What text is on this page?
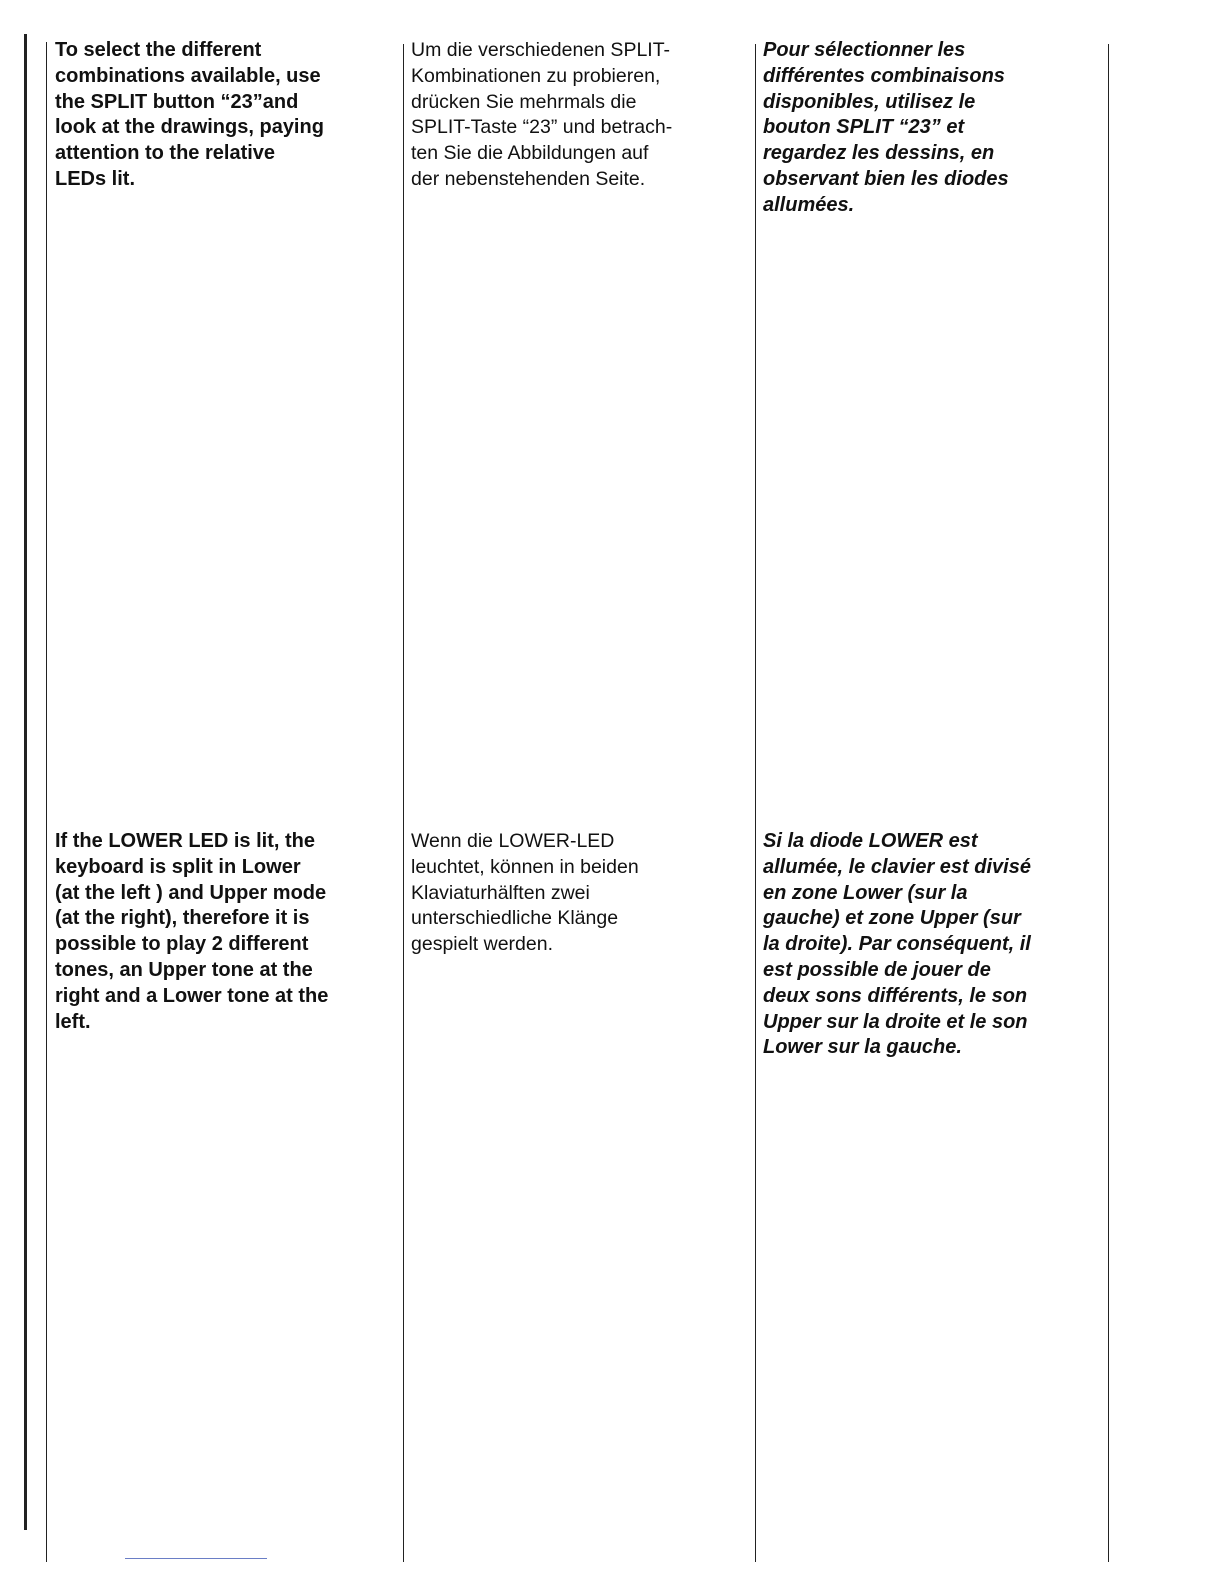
To select the different
combinations available, use
the SPLIT button “23”and
look at the drawings, paying
attention to the relative
LEDs lit.

Um die verschiedenen SPLIT-
Kombinationen zu probieren,
drücken Sie mehrmals die
SPLIT-Taste “23” und betrach-
ten Sie die Abbildungen auf
der nebenstehenden Seite.

Pour sélectionner les
différentes combinaisons
disponibles, utilisez le
bouton SPLIT “23” et
regardez les dessins, en
observant bien les diodes
allumées.

If the LOWER LED is lit, the
keyboard is split in Lower
(at the left ) and Upper mode
(at the right), therefore it is
possible to play 2 different
tones, an Upper tone at the
right and a Lower tone at the
left.

Wenn die LOWER-LED
leuchtet, können in beiden
Klaviaturhälften zwei
unterschiedliche Klänge
gespielt werden.

Si la diode LOWER est
allumée, le clavier est divisé
en zone Lower (sur la
gauche) et zone Upper (sur
la droite). Par conséquent, il
est possible de jouer de
deux sons différents, le son
Upper sur la droite et le son
Lower sur la gauche.
